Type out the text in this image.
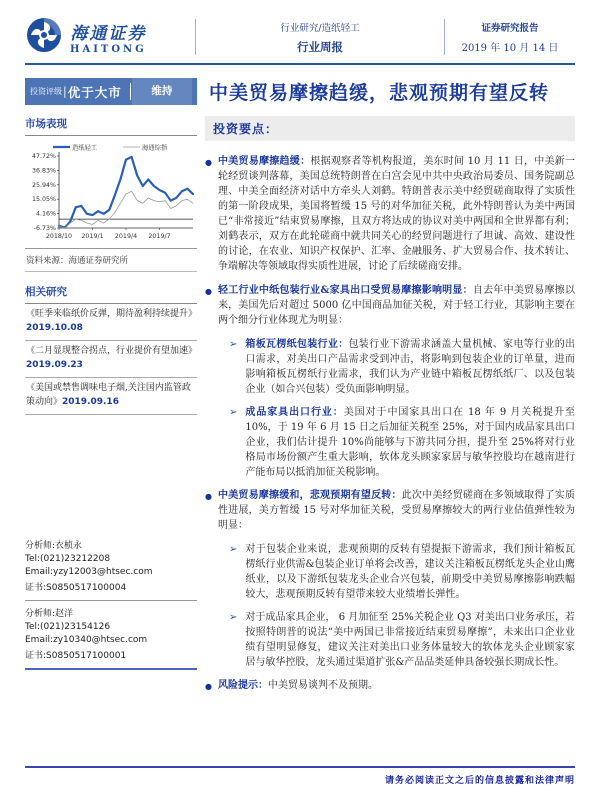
海通证券
HAITONG
行业研究/造纸轻工
行业周报
证券研究报告
2019 年 10 月 14 日
投资评级 | 优于大市	维持	中美贸易摩擦趋缓，悲观预期有望反转
市场表现
47.72%
36.83%
25.94%
15.05%
4.16%
-6.73%
2018/10 2019/1 2019/4 2019/7
造纸轻工	海通综指
资料来源：海通证券研究所
相关研究
《旺季来临纸价反弹，期待盈利持续提升》2019.10.08
《二月显现整合拐点，行业提价有望加速》2019.09.23
《美国或禁售调味电子烟,关注国内监管政策动向》2019.09.16
分析师:衣桢永
Tel:(021)23212208
Email:yzy12003@htsec.com
证书:S0850517100004
分析师:赵洋
Tel:(021)23154126
Email:zy10340@htsec.com
证书:S0850517100001
投资要点：
● 中美贸易摩擦趋缓：根据观察者等机构报道，美东时间 10 月 11 日，中美新一轮经贸谈判落幕，美国总统特朗普在白宫会见中共中央政治局委员、国务院副总理、中美全面经济对话中方牵头人刘鹤。特朗普表示美中经贸磋商取得了实质性的第一阶段成果，美国将暂缓 15 号的对华加征关税，此外特朗普认为美中两国已“非常接近”结束贸易摩擦，且双方将达成的协议对美中两国和全世界都有利；刘鹤表示，双方在此轮磋商中就共同关心的经贸问题进行了坦诚、高效、建设性的讨论，在农业、知识产权保护、汇率、金融服务、扩大贸易合作、技术转让、争端解决等领域取得实质性进展，讨论了后续磋商安排。

● 轻工行业中纸包装行业&家具出口受贸易摩擦影响明显：自去年中美贸易摩擦以来，美国先后对超过 5000 亿中国商品加征关税，对于轻工行业，其影响主要在两个细分行业体现尤为明显：

➢ 箱板瓦楞纸包装行业：包装行业下游需求涵盖大量机械、家电等行业的出口需求，对美出口产品需求受到冲击，将影响到包装企业的订单量，进而影响箱板瓦楞纸行业需求，我们认为产业链中箱板瓦楞纸纸厂、以及包装企业（如合兴包装）受负面影响明显。

➢ 成品家具出口行业：美国对于中国家具出口在 18 年 9 月关税提升至 10%，于 19 年 6 月 15 日之后加征关税至 25%，对于国内成品家具出口企业，我们估计提升 10%尚能够与下游共同分担，提升至 25%将对行业格局市场份额产生重大影响，软体龙头顾家家居与敏华控股均在越南进行产能布局以抵消加征关税影响。

● 中美贸易摩擦缓和，悲观预期有望反转：此次中美经贸磋商在多领域取得了实质性进展，美方暂缓 15 号对华加征关税，受贸易摩擦较大的两行业估值弹性较为明显：

➢ 对于包装企业来说，悲观预期的反转有望提振下游需求，我们预计箱板瓦楞纸行业供需&包装企业订单将会改善，建议关注箱板瓦楞纸龙头企业山鹰纸业，以及下游纸包装龙头企业合兴包装，前期受中美贸易摩擦影响跌幅较大，悲观预期反转有望带来较大业绩增长弹性。

➢ 对于成品家具企业， 6 月加征至 25%关税企业 Q3 对美出口业务承压，若按照特朗普的说法“美中两国已非常接近结束贸易摩擦”，未来出口企业业绩有望明显修复，建议关注对美出口业务体量较大的软体龙头企业顾家家居与敏华控股，龙头通过渠道扩张&产品品类延伸具备较强长期成长性。

● 风险提示：中美贸易谈判不及预期。

请务必阅读正文之后的信息披露和法律声明
